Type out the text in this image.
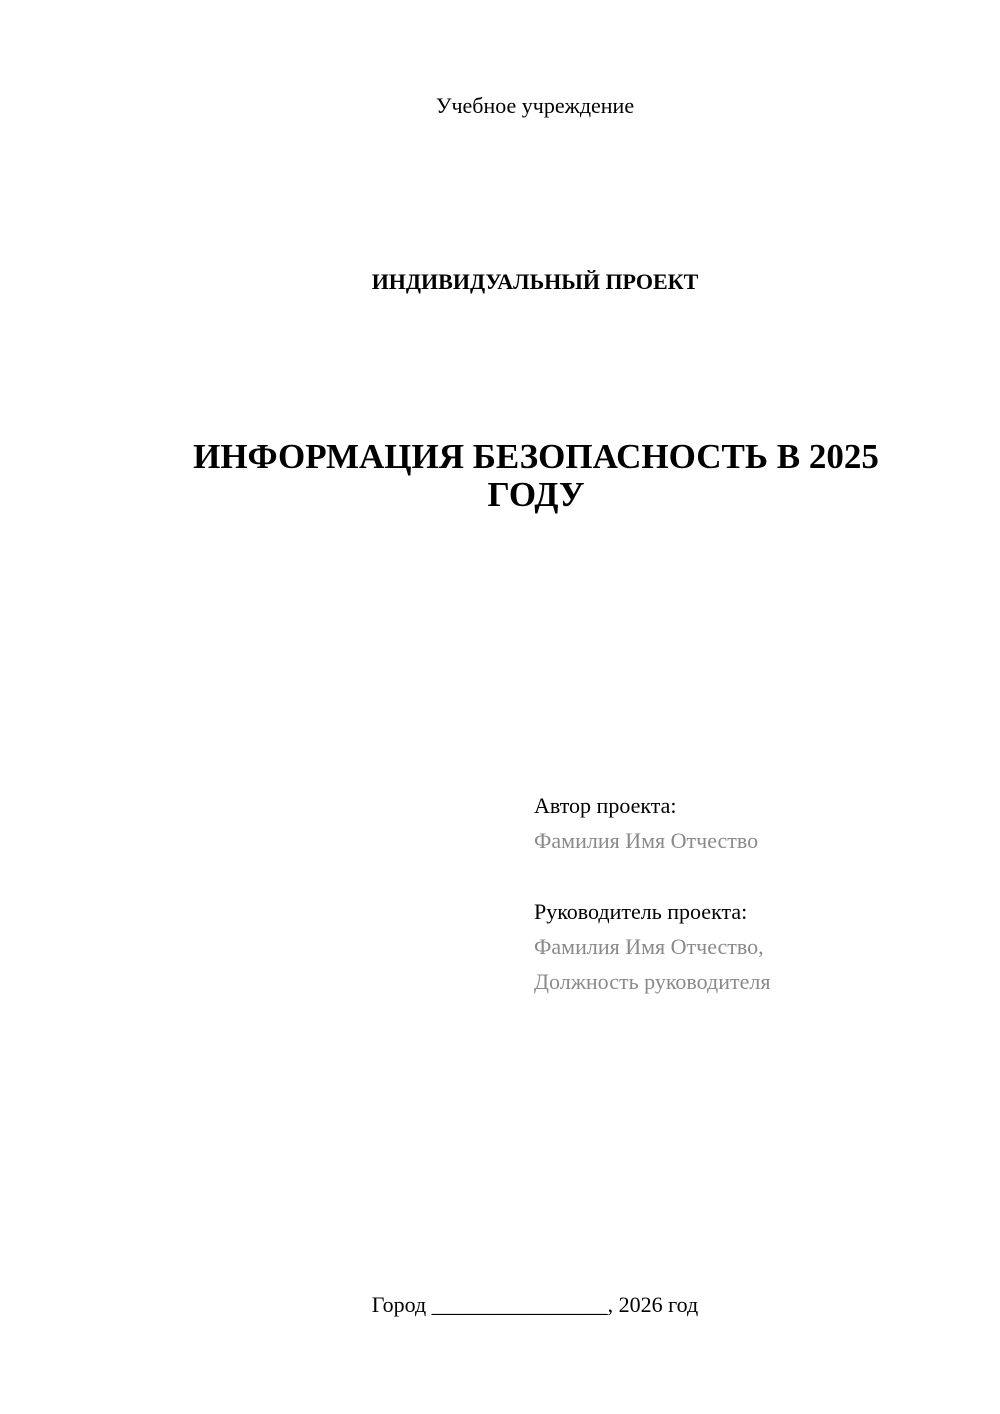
Учебное учреждение
ИНДИВИДУАЛЬНЫЙ ПРОЕКТ
ИНФОРМАЦИЯ БЕЗОПАСНОСТЬ В 2025
ГОДУ
Автор проекта:
Фамилия Имя Отчество
Руководитель проекта:
Фамилия Имя Отчество,
Должность руководителя
Город ________________, 2026 год
